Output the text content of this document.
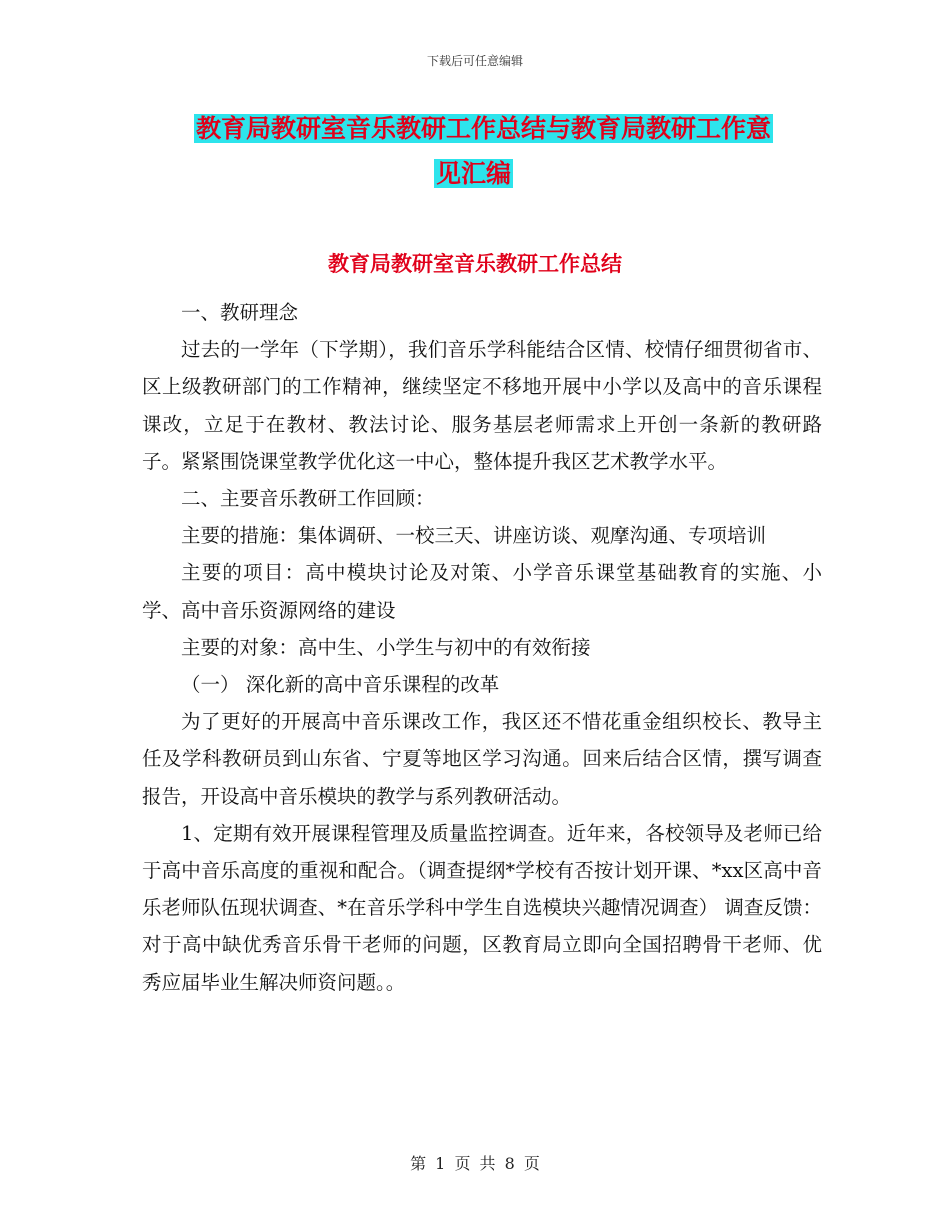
下载后可任意编辑
教育局教研室音乐教研工作总结与教育局教研工作意
见汇编
教育局教研室音乐教研工作总结

一、教研理念

过去的一学年（下学期），我们音乐学科能结合区情、校情仔细贯彻省市、区上级教研部门的工作精神，继续坚定不移地开展中小学以及高中的音乐课程课改，立足于在教材、教法讨论、服务基层老师需求上开创一条新的教研路子。紧紧围饶课堂教学优化这一中心，整体提升我区艺术教学水平。

二、主要音乐教研工作回顾：

主要的措施：集体调研、一校三天、讲座访谈、观摩沟通、专项培训

主要的项目：高中模块讨论及对策、小学音乐课堂基础教育的实施、小学、高中音乐资源网络的建设

主要的对象：高中生、小学生与初中的有效衔接

（一） 深化新的高中音乐课程的改革

为了更好的开展高中音乐课改工作，我区还不惜花重金组织校长、教导主任及学科教研员到山东省、宁夏等地区学习沟通。回来后结合区情，撰写调查报告，开设高中音乐模块的教学与系列教研活动。

1、定期有效开展课程管理及质量监控调查。近年来，各校领导及老师已给于高中音乐高度的重视和配合。（调查提纲*学校有否按计划开课、*xx区高中音乐老师队伍现状调查、*在音乐学科中学生自选模块兴趣情况调查） 调查反馈：对于高中缺优秀音乐骨干老师的问题，区教育局立即向全国招聘骨干老师、优秀应届毕业生解决师资问题。。

第 1 页 共 8 页
